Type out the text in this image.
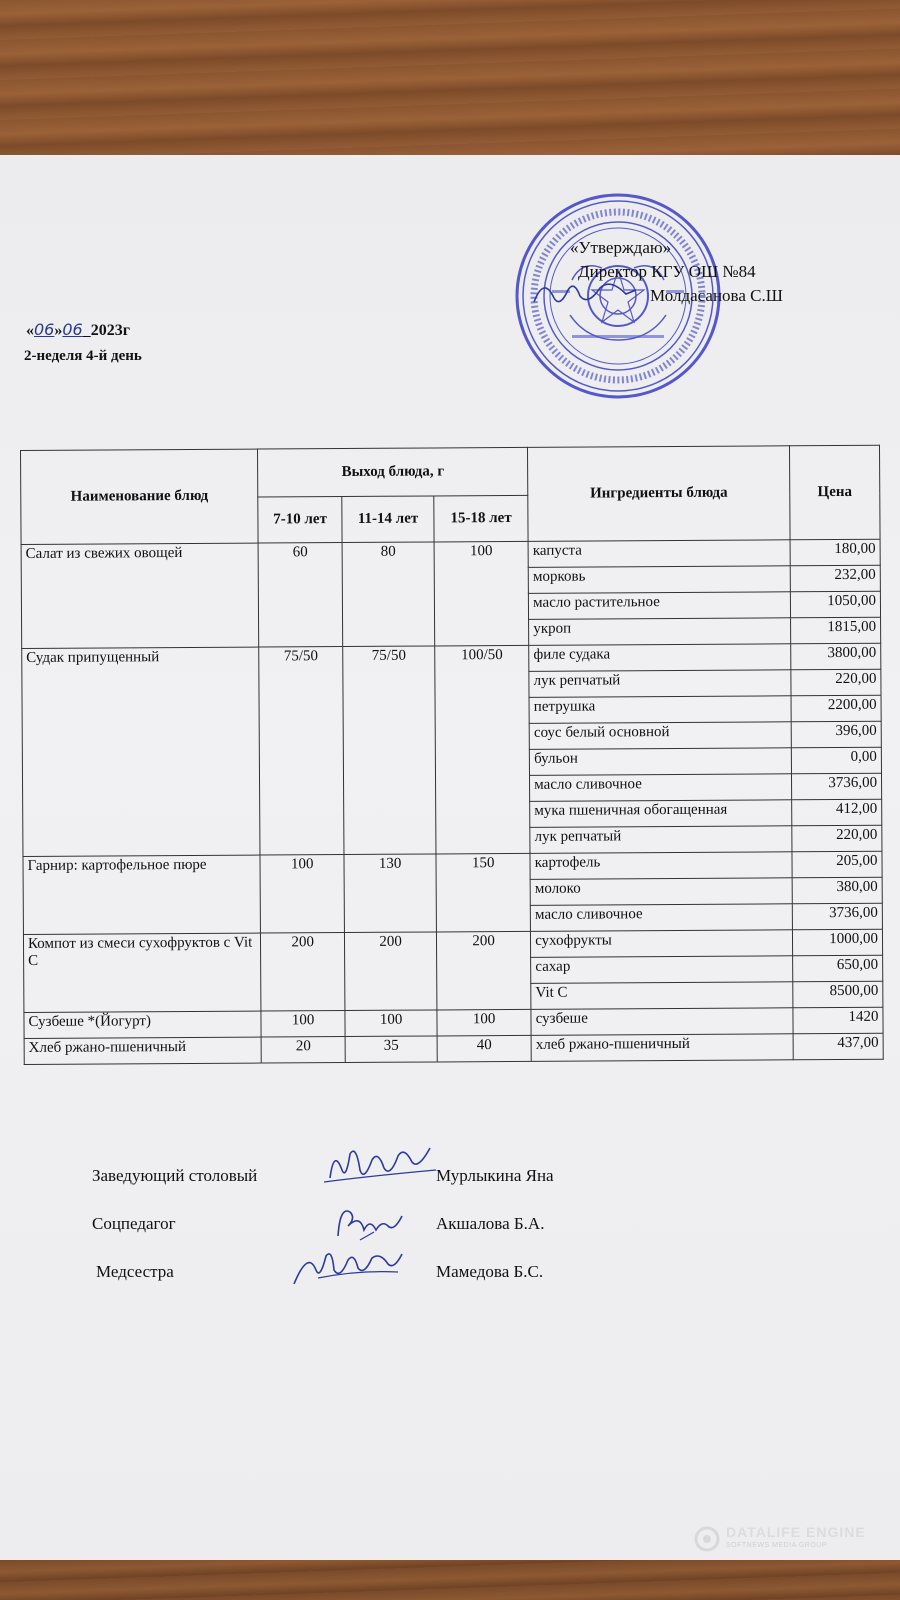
«Утверждаю»
Директор КГУ ОШ №84
Молдасанова С.Ш
«06»06 2023г
2-неделя 4-й день
Наименование блюд	Выход блюда, г			Ингредиенты блюда	Цена
	7-10 лет	11-14 лет	15-18 лет		
Салат из свежих овощей	60	80	100	капуста	180,00
				морковь	232,00
				масло растительное	1050,00
				укроп	1815,00
Судак припущенный	75/50	75/50	100/50	филе судака	3800,00
				лук репчатый	220,00
				петрушка	2200,00
				соус белый основной	396,00
				бульон	0,00
				масло сливочное	3736,00
				мука пшеничная обогащенная	412,00
				лук репчатый	220,00
Гарнир: картофельное пюре	100	130	150	картофель	205,00
				молоко	380,00
				масло сливочное	3736,00
Компот из смеси сухофруктов с Vit C	200	200	200	сухофрукты	1000,00
				сахар	650,00
				Vit C	8500,00
Сузбеше *(Йогурт)	100	100	100	сузбеше	1420
Хлеб ржано-пшеничный	20	35	40	хлеб ржано-пшеничный	437,00
Заведующий столовый	Мурлыкина Яна
Соцпедагог	Акшалова Б.А.
Медсестра	Мамедова Б.С.
DATALIFE ENGINE
SOFTNEWS MEDIA GROUP
